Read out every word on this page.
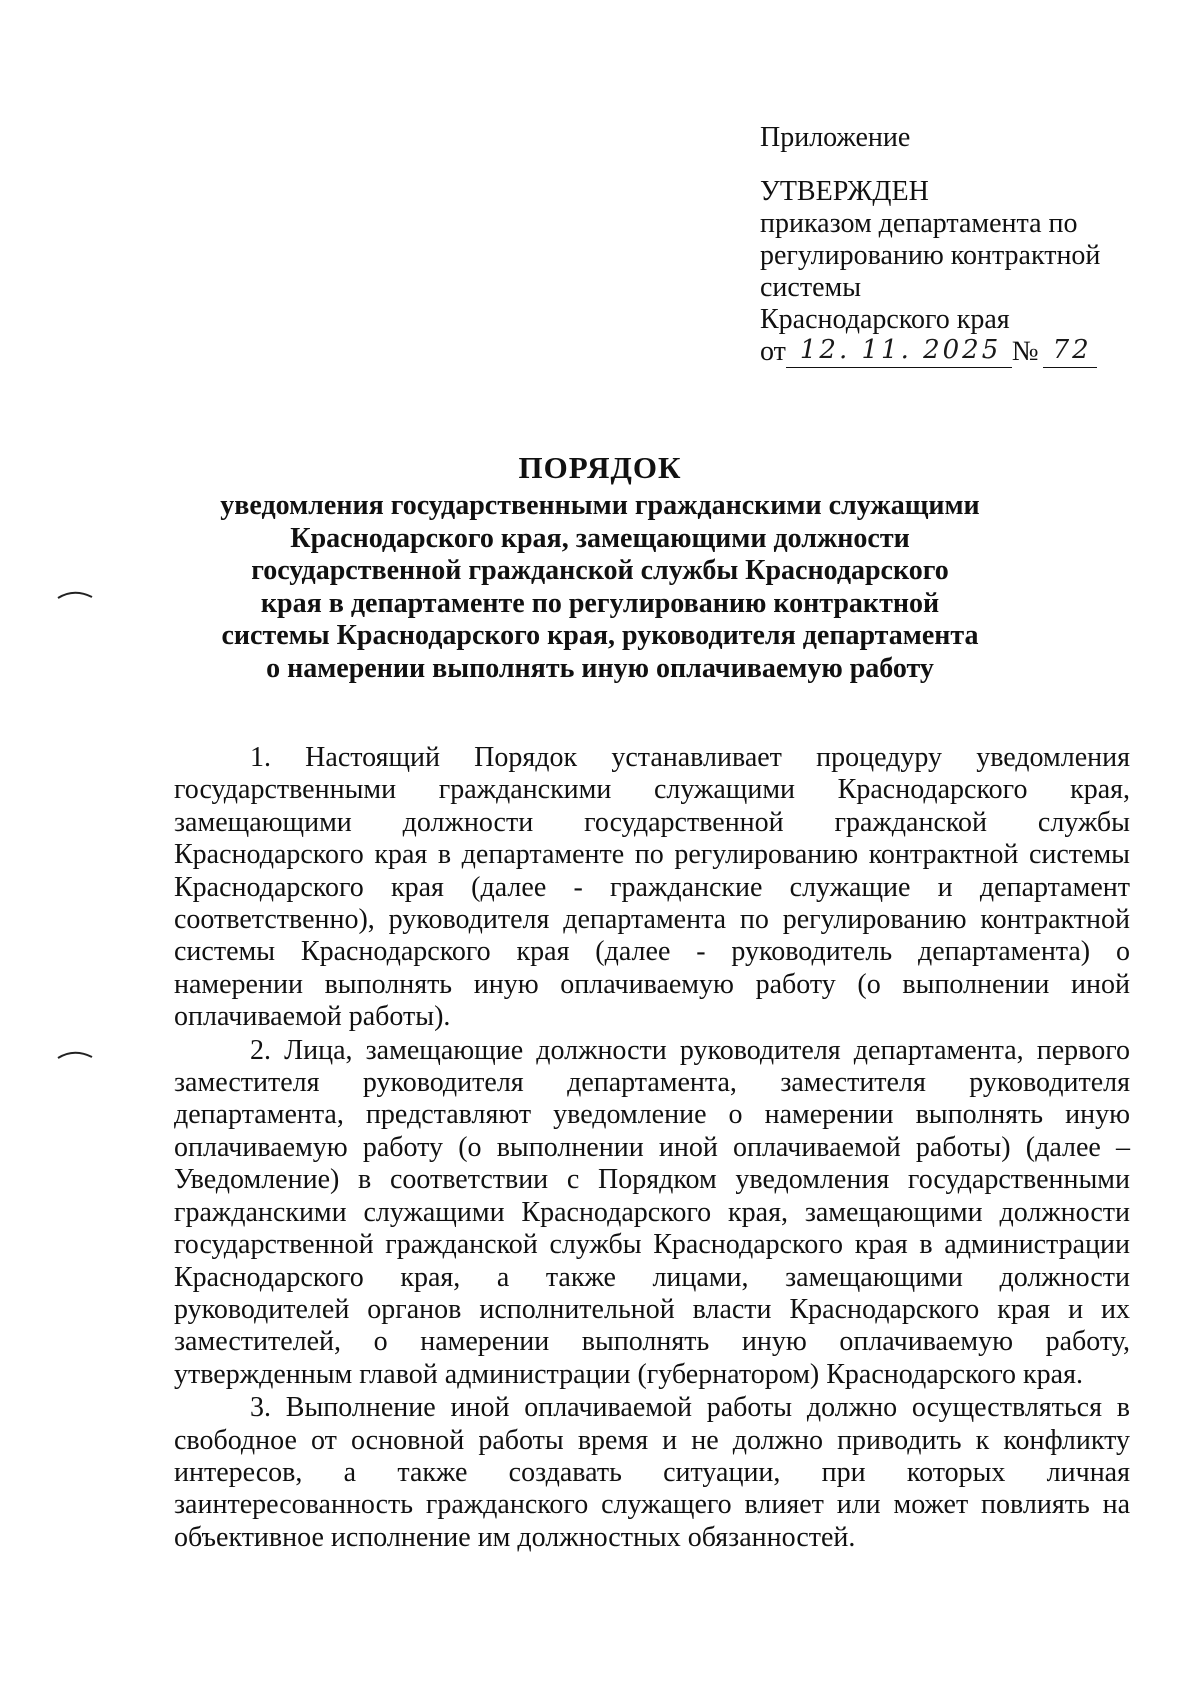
Приложение
УТВЕРЖДЕН
приказом департамента по
регулированию контрактной
системы
Краснодарского края
от 12. 11. 2025 № 72
ПОРЯДОК
уведомления государственными гражданскими служащими
Краснодарского края, замещающими должности
государственной гражданской службы Краснодарского
края в департаменте по регулированию контрактной
системы Краснодарского края, руководителя департамента
о намерении выполнять иную оплачиваемую работу

1. Настоящий Порядок устанавливает процедуру уведомления государственными гражданскими служащими Краснодарского края, замещающими должности государственной гражданской службы Краснодарского края в департаменте по регулированию контрактной системы Краснодарского края (далее - гражданские служащие и департамент соответственно), руководителя департамента по регулированию контрактной системы Краснодарского края (далее - руководитель департамента) о намерении выполнять иную оплачиваемую работу (о выполнении иной оплачиваемой работы).

2. Лица, замещающие должности руководителя департамента, первого заместителя руководителя департамента, заместителя руководителя департамента, представляют уведомление о намерении выполнять иную оплачиваемую работу (о выполнении иной оплачиваемой работы) (далее – Уведомление) в соответствии с Порядком уведомления государственными гражданскими служащими Краснодарского края, замещающими должности государственной гражданской службы Краснодарского края в администрации Краснодарского края, а также лицами, замещающими должности руководителей органов исполнительной власти Краснодарского края и их заместителей, о намерении выполнять иную оплачиваемую работу, утвержденным главой администрации (губернатором) Краснодарского края.

3. Выполнение иной оплачиваемой работы должно осуществляться в свободное от основной работы время и не должно приводить к конфликту интересов, а также создавать ситуации, при которых личная заинтересованность гражданского служащего влияет или может повлиять на объективное исполнение им должностных обязанностей.
